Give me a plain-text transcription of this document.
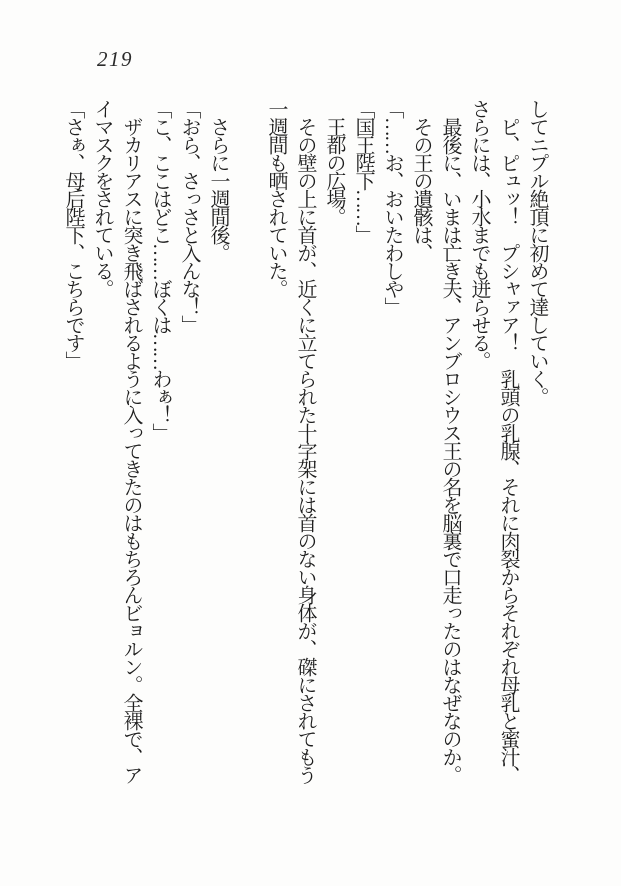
219
してニプル絶頂に初めて達していく。
　ピ、ピュッ！　プシャァア！　乳頭の乳腺、それに肉裂からそれぞれ母乳と蜜汁、
さらには、小水までも迸らせる。
　最後に、いまは亡き夫、アンブロシウス王の名を脳裏で口走ったのはなぜなのか。
　その王の遺骸は、
「……お、おいたわしや」
「国王陛下……」
　王都の広場。
　その壁の上に首が、近くに立てられた十字架には首のない身体が、磔にされてもう
一週間も晒されていた。
　さらに一週間後。
「おら、さっさと入んな！」
「こ、ここはどこ……ぼくは……わぁ！」
　ザカリアスに突き飛ばされるように入ってきたのはもちろんビョルン。全裸で、ア
イマスクをされている。
「さぁ、母后陛下、こちらです」
